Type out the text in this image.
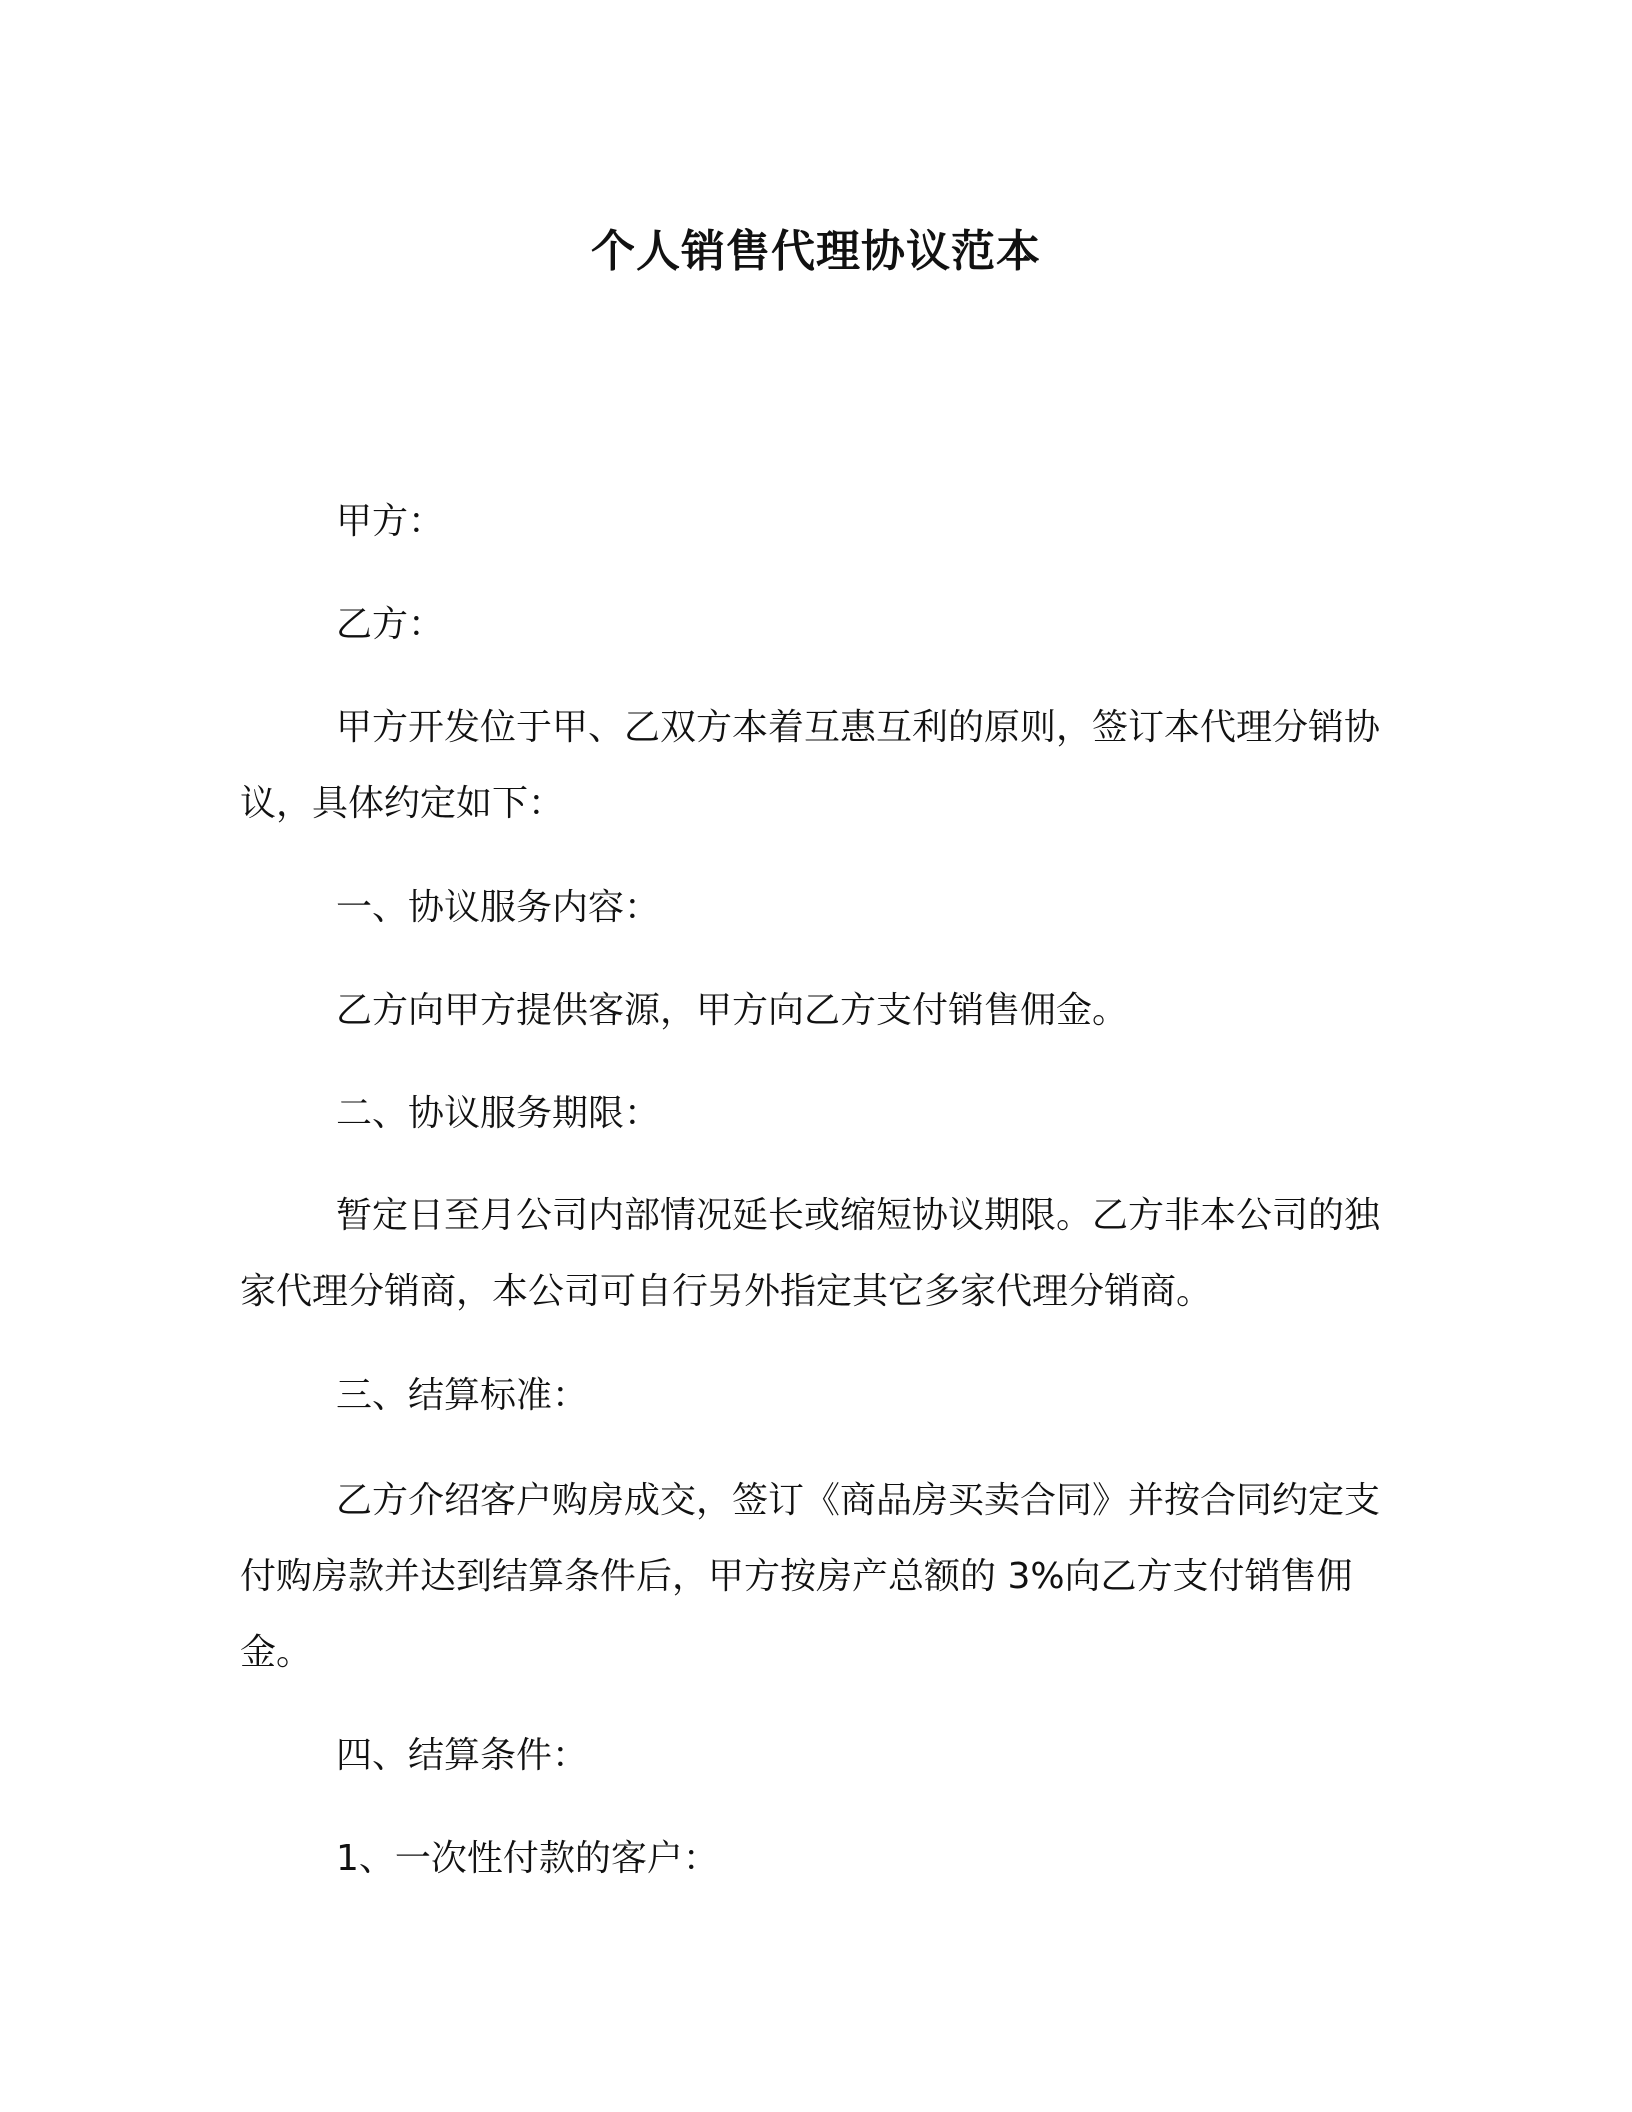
个人销售代理协议范本

甲方：

乙方：

甲方开发位于甲、乙双方本着互惠互利的原则，签订本代理分销协议，具体约定如下：

一、协议服务内容：

乙方向甲方提供客源，甲方向乙方支付销售佣金。

二、协议服务期限：

暂定日至月公司内部情况延长或缩短协议期限。乙方非本公司的独家代理分销商，本公司可自行另外指定其它多家代理分销商。

三、结算标准：

乙方介绍客户购房成交，签订《商品房买卖合同》并按合同约定支付购房款并达到结算条件后，甲方按房产总额的 3%向乙方支付销售佣金。

四、结算条件：

1、一次性付款的客户：
